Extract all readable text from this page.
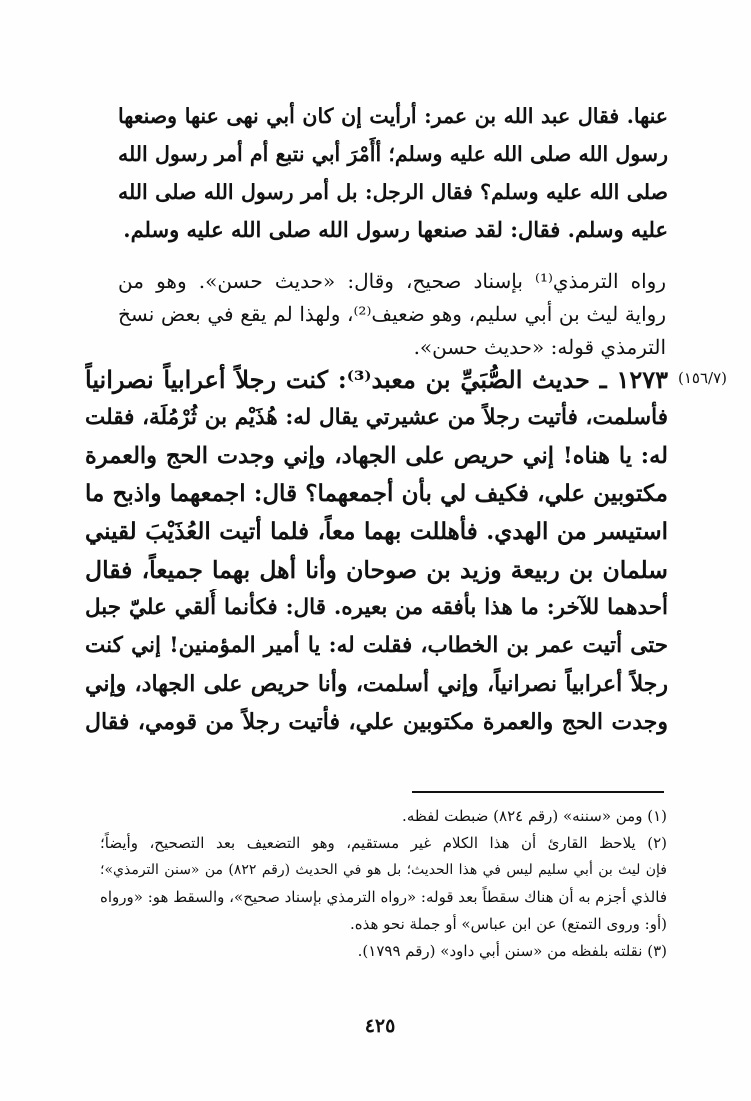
عنها. فقال عبد الله بن عمر: أرأيت إن كان أبي نهى عنها وصنعها
رسول الله صلى الله عليه وسلم؛ أأَمْرَ أبي نتبع أم أمر رسول الله
صلى الله عليه وسلم؟ فقال الرجل: بل أمر رسول الله صلى الله
عليه وسلم. فقال: لقد صنعها رسول الله صلى الله عليه وسلم.
رواه الترمذي⁽¹⁾ بإسناد صحيح، وقال: «حديث حسن». وهو من
رواية ليث بن أبي سليم، وهو ضعيف⁽²⁾، ولهذا لم يقع في بعض نسخ
الترمذي قوله: «حديث حسن».
(١٥٦/٧)
١٢٧٣ ـ حديث الصُّبَيِّ بن معبد⁽³⁾: كنت رجلاً أعرابياً نصرانياً
فأسلمت، فأتيت رجلاً من عشيرتي يقال له: هُذَيْم بن ثُرْمُلَة، فقلت
له: يا هناه! إني حريص على الجهاد، وإني وجدت الحج والعمرة
مكتوبين علي، فكيف لي بأن أجمعهما؟ قال: اجمعهما واذبح ما
استيسر من الهدي. فأهللت بهما معاً، فلما أتيت العُذَيْبَ لقيني
سلمان بن ربيعة وزيد بن صوحان وأنا أهل بهما جميعاً، فقال
أحدهما للآخر: ما هذا بأفقه من بعيره. قال: فكأنما أُلقي عليّ جبل
حتى أتيت عمر بن الخطاب، فقلت له: يا أمير المؤمنين! إني كنت
رجلاً أعرابياً نصرانياً، وإني أسلمت، وأنا حريص على الجهاد، وإني
وجدت الحج والعمرة مكتوبين علي، فأتيت رجلاً من قومي، فقال
(١) ومن «سننه» (رقم ٨٢٤) ضبطت لفظه.
(٢) يلاحظ القارئ أن هذا الكلام غير مستقيم، وهو التضعيف بعد التصحيح، وأيضاً؛
فإن ليث بن أبي سليم ليس في هذا الحديث؛ بل هو في الحديث (رقم ٨٢٢) من «سنن الترمذي»؛
فالذي أجزم به أن هناك سقطاً بعد قوله: «رواه الترمذي بإسناد صحيح»، والسقط هو: «ورواه
(أو: وروى التمتع) عن ابن عباس» أو جملة نحو هذه.
(٣) نقلته بلفظه من «سنن أبي داود» (رقم ١٧٩٩).
٤٢٥
